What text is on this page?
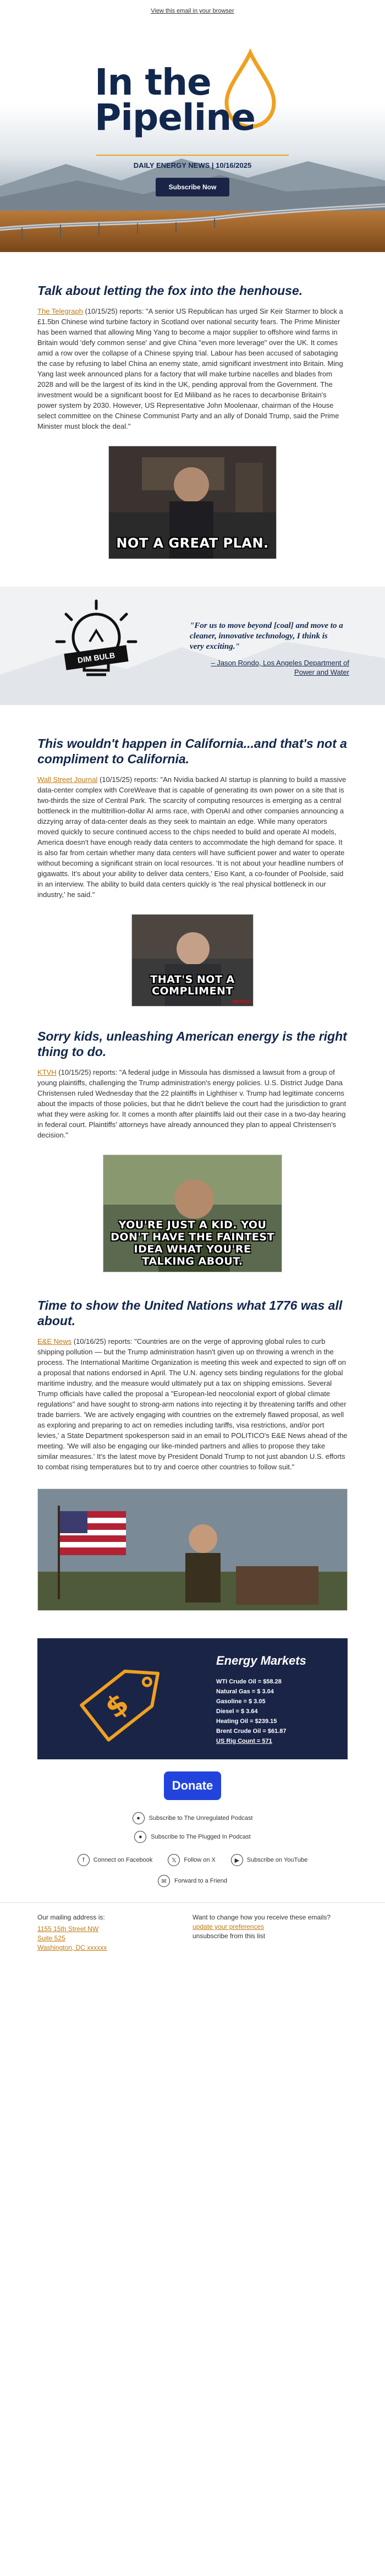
View this email in your browser
In the
Pipeline
DAILY ENERGY NEWS | 10/16/2025
Subscribe Now
Talk about letting the fox into the henhouse.

The Telegraph (10/15/25) reports: "A senior US Republican has urged Sir Keir Starmer to block a £1.5bn Chinese wind turbine factory in Scotland over national security fears. The Prime Minister has been warned that allowing Ming Yang to become a major supplier to offshore wind farms in Britain would 'defy common sense' and give China "even more leverage" over the UK. It comes amid a row over the collapse of a Chinese spying trial. Labour has been accused of sabotaging the case by refusing to label China an enemy state, amid significant investment into Britain. Ming Yang last week announced plans for a factory that will make turbine nacelles and blades from 2028 and will be the largest of its kind in the UK, pending approval from the Government. The investment would be a significant boost for Ed Miliband as he races to decarbonise Britain's power system by 2030. However, US Representative John Moolenaar, chairman of the House select committee on the Chinese Communist Party and an ally of Donald Trump, said the Prime Minister must block the deal."

NOT A GREAT PLAN.
DIM BULB
"For us to move beyond [coal] and move to a cleaner, innovative technology, I think is very exciting."
– Jason Rondo, Los Angeles Department of Power and Water
This wouldn't happen in California...and that's not a compliment to California.

Wall Street Journal (10/15/25) reports: "An Nvidia backed AI startup is planning to build a massive data-center complex with CoreWeave that is capable of generating its own power on a site that is two-thirds the size of Central Park. The scarcity of computing resources is emerging as a central bottleneck in the multitrillion-dollar AI arms race, with OpenAI and other companies announcing a dizzying array of data-center deals as they seek to maintain an edge. While many operators moved quickly to secure continued access to the chips needed to build and operate AI models, America doesn't have enough ready data centers to accommodate the high demand for space. It is also far from certain whether many data centers will have sufficient power and water to operate without becoming a significant strain on local resources. 'It is not about your headline numbers of gigawatts. It's about your ability to deliver data centers,' Eiso Kant, a co-founder of Poolside, said in an interview. The ability to build data centers quickly is 'the real physical bottleneck in our industry,' he said."

THAT'S NOT A COMPLIMENT
NETFLIX
Sorry kids, unleashing American energy is the right thing to do.

KTVH (10/15/25) reports: "A federal judge in Missoula has dismissed a lawsuit from a group of young plaintiffs, challenging the Trump administration's energy policies. U.S. District Judge Dana Christensen ruled Wednesday that the 22 plaintiffs in Lighthiser v. Trump had legitimate concerns about the impacts of those policies, but that he didn't believe the court had the jurisdiction to grant what they were asking for. It comes a month after plaintiffs laid out their case in a two-day hearing in federal court. Plaintiffs' attorneys have already announced they plan to appeal Christensen's decision."

YOU'RE JUST A KID. YOU DON'T HAVE THE FAINTEST IDEA WHAT YOU'RE TALKING ABOUT.
Time to show the United Nations what 1776 was all about.

E&E News (10/16/25) reports: "Countries are on the verge of approving global rules to curb shipping pollution — but the Trump administration hasn't given up on throwing a wrench in the process. The International Maritime Organization is meeting this week and expected to sign off on a proposal that nations endorsed in April. The U.N. agency sets binding regulations for the global maritime industry, and the measure would ultimately put a tax on shipping emissions. Several Trump officials have called the proposal a "European-led neocolonial export of global climate regulations" and have sought to strong-arm nations into rejecting it by threatening tariffs and other trade barriers. 'We are actively engaging with countries on the extremely flawed proposal, as well as exploring and preparing to act on remedies including tariffs, visa restrictions, and/or port levies,' a State Department spokesperson said in an email to POLITICO's E&E News ahead of the meeting. 'We will also be engaging our like-minded partners and allies to propose they take similar measures.' It's the latest move by President Donald Trump to not just abandon U.S. efforts to combat rising temperatures but to try and coerce other countries to follow suit."

$
Energy Markets
WTI Crude Oil = $58.28
Natural Gas = $ 3.04
Gasoline = $ 3.05
Diesel = $ 3.64
Heating Oil = $239.15
Brent Crude Oil = $61.87
US Rig Count = 571
Donate
●	Subscribe to The Unregulated Podcast
●	Subscribe to The Plugged In Podcast
f	Connect on Facebook	𝕏	Follow on X	▶	Subscribe on YouTube
✉	Forward to a Friend
Our mailing address is:
1155 15th Street NW
Suite 525
Washington, DC xxxxxx
Want to change how you receive these emails?
update your preferences
unsubscribe from this list
